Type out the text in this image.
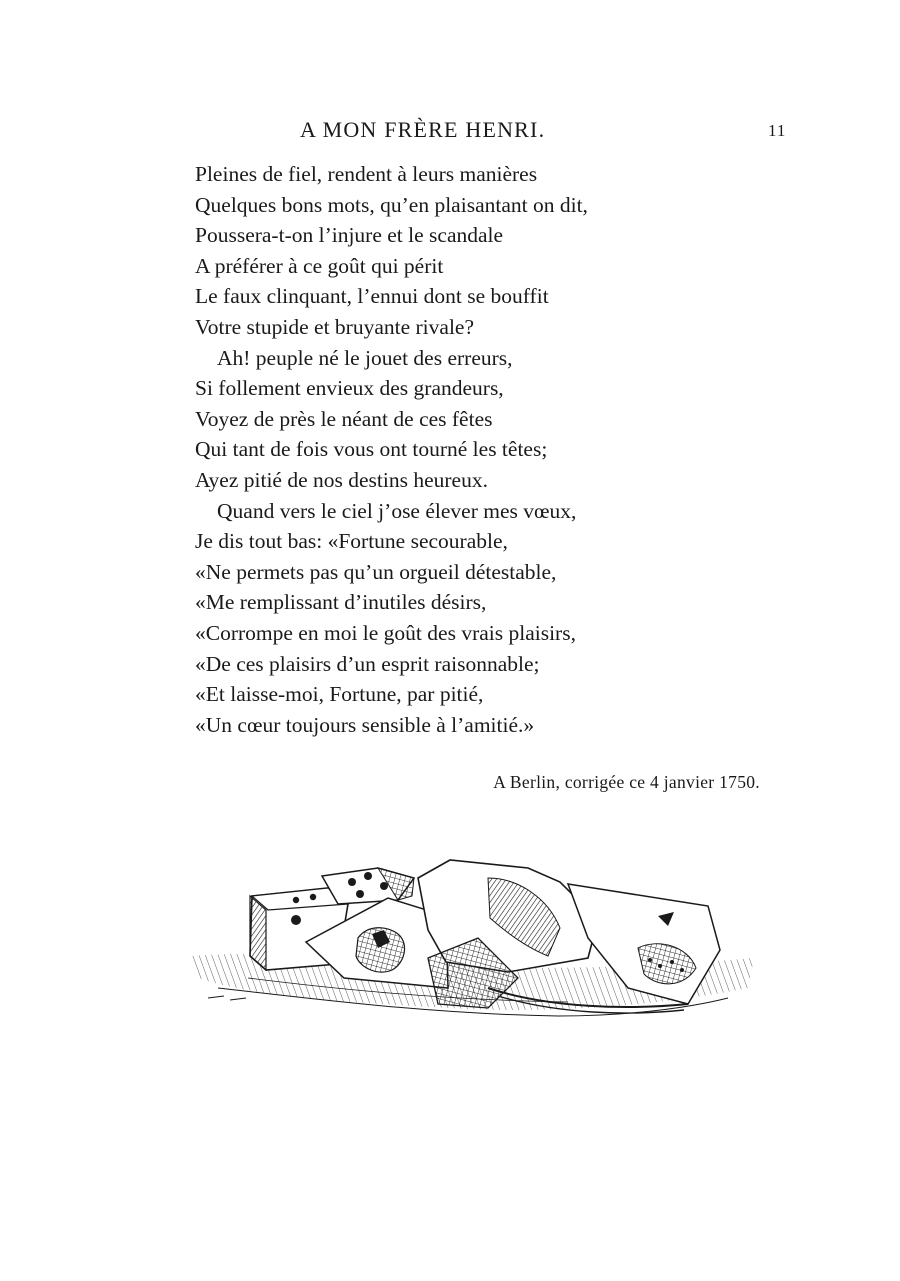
A MON FRÈRE HENRI.	11
Pleines de fiel, rendent à leurs manières
Quelques bons mots, qu’en plaisantant on dit,
Poussera-t-on l’injure et le scandale
A préférer à ce goût qui périt
Le faux clinquant, l’ennui dont se bouffit
Votre stupide et bruyante rivale?
Ah! peuple né le jouet des erreurs,
Si follement envieux des grandeurs,
Voyez de près le néant de ces fêtes
Qui tant de fois vous ont tourné les têtes;
Ayez pitié de nos destins heureux.
Quand vers le ciel j’ose élever mes vœux,
Je dis tout bas: «Fortune secourable,
«Ne permets pas qu’un orgueil détestable,
«Me remplissant d’inutiles désirs,
«Corrompe en moi le goût des vrais plaisirs,
«De ces plaisirs d’un esprit raisonnable;
«Et laisse-moi, Fortune, par pitié,
«Un cœur toujours sensible à l’amitié.»
A Berlin, corrigée ce 4 janvier 1750.
